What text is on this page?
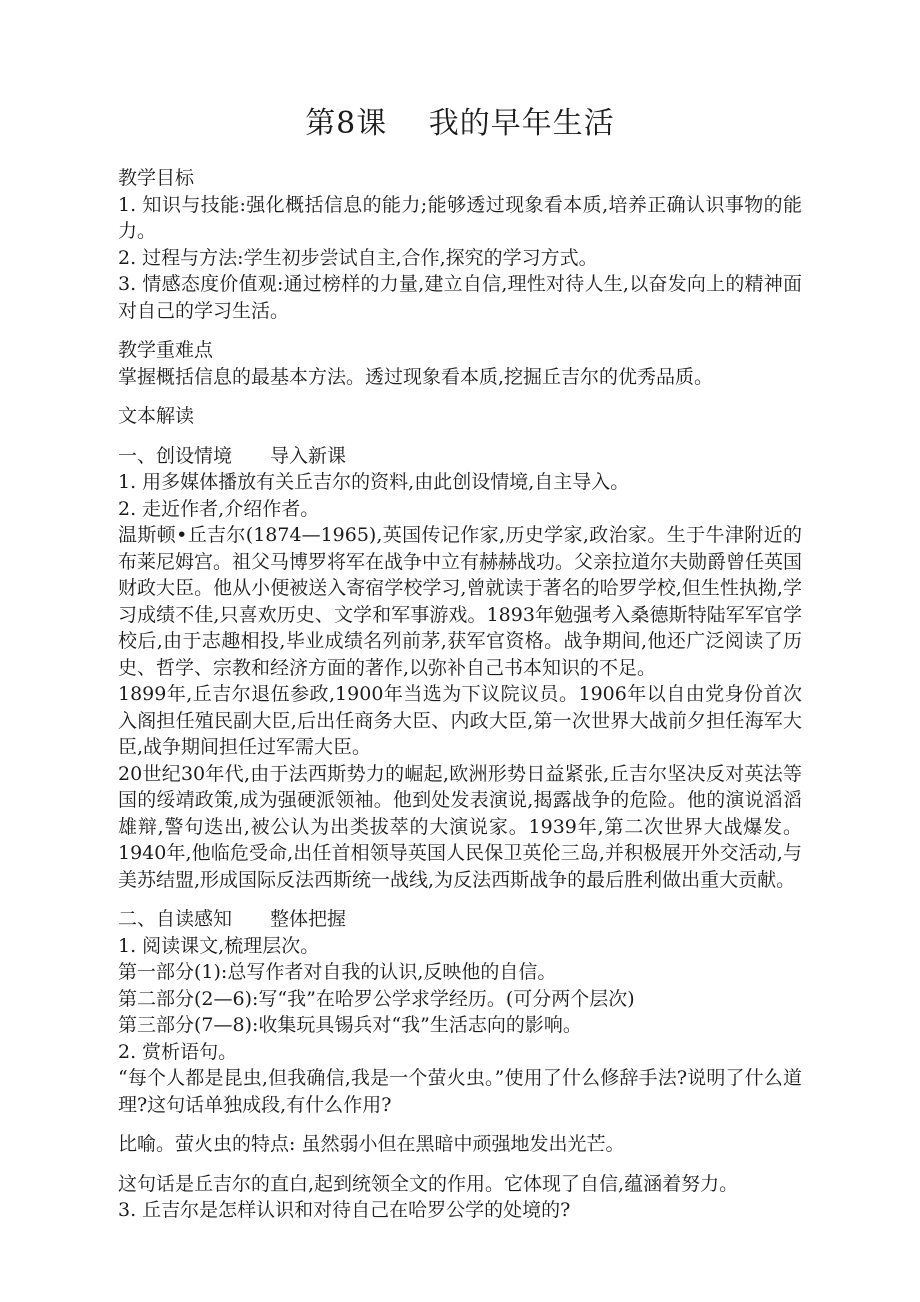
第8课　 我的早年生活

教学目标

1. 知识与技能:强化概括信息的能力;能够透过现象看本质,培养正确认识事物的能力。

2. 过程与方法:学生初步尝试自主,合作,探究的学习方式。

3. 情感态度价值观:通过榜样的力量,建立自信,理性对待人生,以奋发向上的精神面对自己的学习生活。

教学重难点

掌握概括信息的最基本方法。透过现象看本质,挖掘丘吉尔的优秀品质。

文本解读

一、创设情境　　导入新课

1. 用多媒体播放有关丘吉尔的资料,由此创设情境,自主导入。

2. 走近作者,介绍作者。

温斯顿•丘吉尔(1874—1965),英国传记作家,历史学家,政治家。生于牛津附近的布莱尼姆宫。祖父马博罗将军在战争中立有赫赫战功。父亲拉道尔夫勋爵曾任英国财政大臣。他从小便被送入寄宿学校学习,曾就读于著名的哈罗学校,但生性执拗,学习成绩不佳,只喜欢历史、文学和军事游戏。1893年勉强考入桑德斯特陆军军官学校后,由于志趣相投,毕业成绩名列前茅,获军官资格。战争期间,他还广泛阅读了历史、哲学、宗教和经济方面的著作,以弥补自己书本知识的不足。

1899年,丘吉尔退伍参政,1900年当选为下议院议员。1906年以自由党身份首次入阁担任殖民副大臣,后出任商务大臣、内政大臣,第一次世界大战前夕担任海军大臣,战争期间担任过军需大臣。

20世纪30年代,由于法西斯势力的崛起,欧洲形势日益紧张,丘吉尔坚决反对英法等国的绥靖政策,成为强硬派领袖。他到处发表演说,揭露战争的危险。他的演说滔滔雄辩,警句迭出,被公认为出类拔萃的大演说家。1939年,第二次世界大战爆发。1940年,他临危受命,出任首相领导英国人民保卫英伦三岛,并积极展开外交活动,与美苏结盟,形成国际反法西斯统一战线,为反法西斯战争的最后胜利做出重大贡献。

二、自读感知　　整体把握

1. 阅读课文,梳理层次。

第一部分(1):总写作者对自我的认识,反映他的自信。

第二部分(2—6):写“我”在哈罗公学求学经历。(可分两个层次)

第三部分(7—8):收集玩具锡兵对“我”生活志向的影响。

2. 赏析语句。

“每个人都是昆虫,但我确信,我是一个萤火虫。”使用了什么修辞手法?说明了什么道理?这句话单独成段,有什么作用?

比喻。萤火虫的特点: 虽然弱小但在黑暗中顽强地发出光芒。

这句话是丘吉尔的直白,起到统领全文的作用。它体现了自信,蕴涵着努力。

3. 丘吉尔是怎样认识和对待自己在哈罗公学的处境的?
